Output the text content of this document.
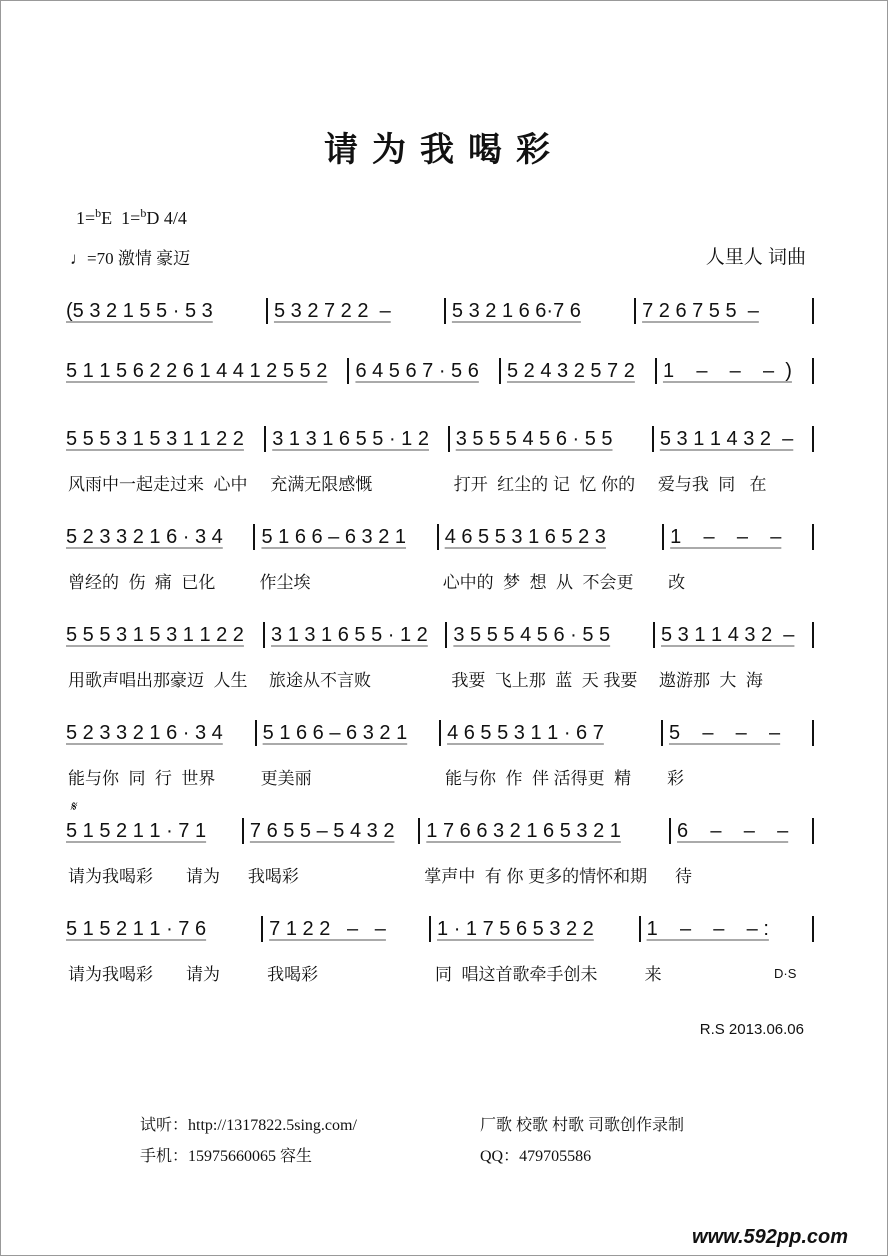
请为我喝彩
1=$^b$E 1=$^b$D 4/4
♩=70 激情 豪迈	人里人 词曲
(5 3 2 1 5 5 · 5 3	5 3 2 7 2 2  –	5 3 2 1 6 6·7 6	7 2 6 7 5 5  –
5 1 1 5 6 2 2 6 1 4 4 1 2 5 5 2	6 4 5 6 7 · 5 6	5 2 4 3 2 5 7 2	1    –    –    –  )
5 5 5 3 1 5 3 1 1 2 2
风雨中一起走过来  心中
3 1 3 1 6 5 5 · 1 2
充满无限感慨
3 5 5 5 4 5 6 · 5 5
打开  红尘的 记  忆 你的
5 3 1 1 4 3 2  –
爱与我  同   在
5 2 3 3 2 1 6 · 3 4
曾经的  伤  痛  已化
5 1 6 6 – 6 3 2 1
作尘埃
4 6 5 5 3 1 6 5 2 3
心中的  梦  想  从  不会更
1    –    –    –
改
5 5 5 3 1 5 3 1 1 2 2
用歌声唱出那豪迈  人生
3 1 3 1 6 5 5 · 1 2
旅途从不言败
3 5 5 5 4 5 6 · 5 5
我要  飞上那  蓝  天 我要
5 3 1 1 4 3 2  –
遨游那  大  海
5 2 3 3 2 1 6 · 3 4
能与你  同  行  世界
5 1 6 6 – 6 3 2 1
更美丽
4 6 5 5 3 1 1 · 6 7
能与你  作  伴 活得更  精
5    –    –    –
彩
5 1 5 2 1 1 · 7 1
请为我喝彩       请为
7 6 5 5 – 5 4 3 2
我喝彩
1 7 6 6 3 2 1 6 5 3 2 1
掌声中  有 你 更多的情怀和期
6    –    –    –
待
5 1 5 2 1 1 · 7 6
请为我喝彩       请为
7 1 2 2   –   –
我喝彩
1 · 1 7 5 6 5 3 2 2
同  唱这首歌牵手创未
1    –    –    – :
来
𝄋
D·S
R.S 2013.06.06
试听：http://1317822.5sing.com/
手机：15975660065 容生
厂歌 校歌 村歌 司歌创作录制
QQ：479705586
www.592pp.com
